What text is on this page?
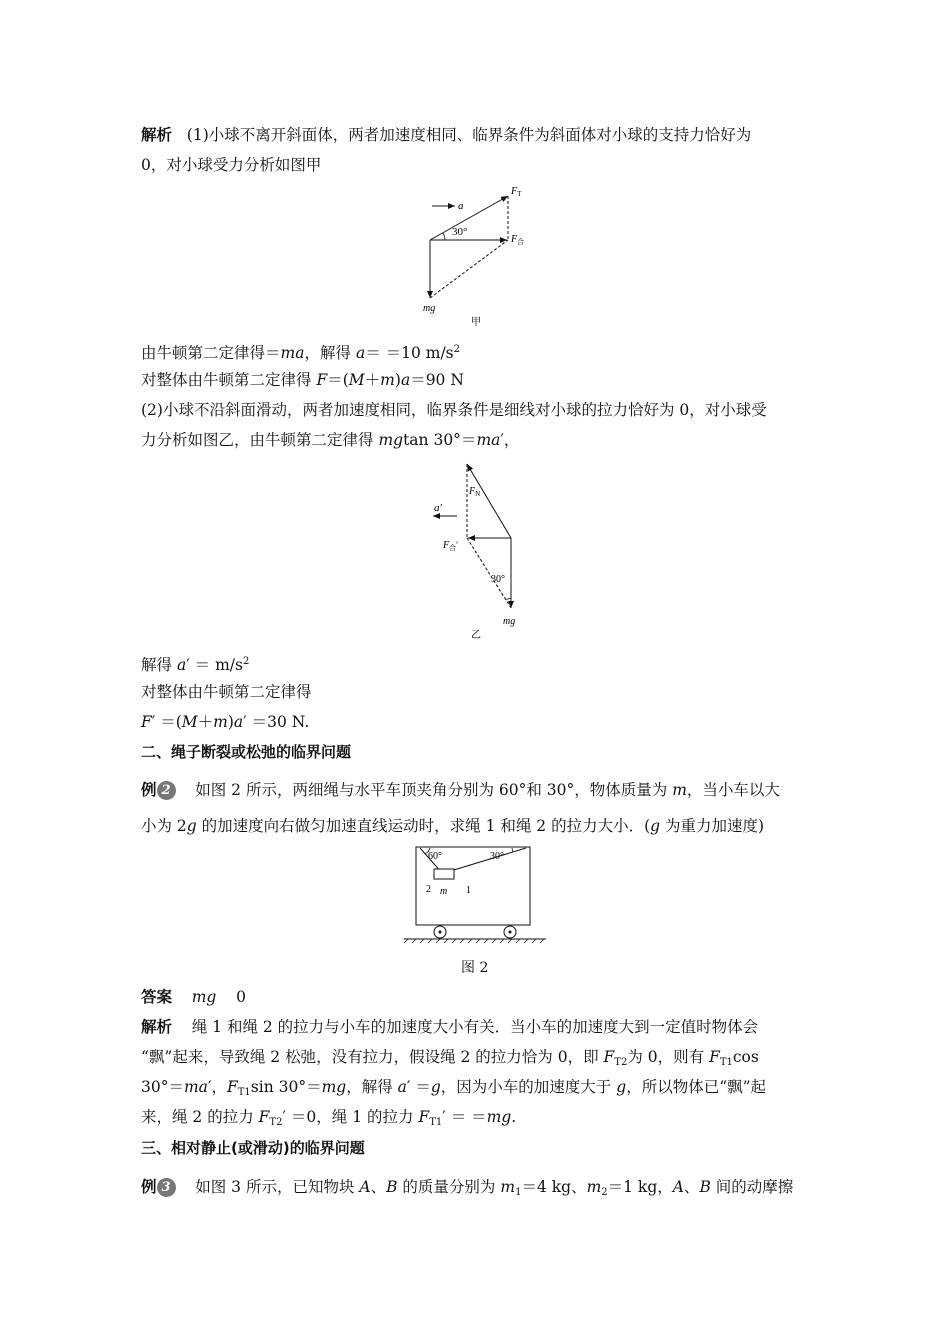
解析 (1)小球不离开斜面体，两者加速度相同、临界条件为斜面体对小球的支持力恰好为
0，对小球受力分析如图甲
a
30°
$F_T$
$F_合$
mg
甲
由牛顿第二定律得＝ma，解得 a＝ ＝10 $m/s^2$
对整体由牛顿第二定律得 F＝(M＋m)a＝90 N
(2)小球不沿斜面滑动，两者加速度相同，临界条件是细线对小球的拉力恰好为 0，对小球受
力分析如图乙，由牛顿第二定律得 mgtan 30°＝ma′，
a′
$F_N$
$F_合'$
30°
mg
乙
解得 $a' = m/s^2$
对整体由牛顿第二定律得
F′ ＝(M＋m)a′ ＝30 N.
二、绳子断裂或松弛的临界问题
例 2 如图 2 所示，两细绳与水平车顶夹角分别为 60°和 30°，物体质量为 m，当小车以大
小为 2g 的加速度向右做匀加速直线运动时，求绳 1 和绳 2 的拉力大小．(g 为重力加速度)
60°	30°
2	1
m
图 2
答案 mg 0
解析 绳 1 和绳 2 的拉力与小车的加速度大小有关．当小车的加速度大到一定值时物体会
“飘”起来，导致绳 2 松弛，没有拉力，假设绳 2 的拉力恰为 0，即 $F_{T2}$为 0，则有 $F_{T1}\cos$
30°＝ma′，$F_{T1}\sin$ 30°＝mg，解得 a′ ＝g，因为小车的加速度大于 g，所以物体已“飘”起
来，绳 2 的拉力 $F_{T2}' =0$，绳 1 的拉力 $F_{T1}' = =mg$.
三、相对静止(或滑动)的临界问题
例 3 如图 3 所示，已知物块 A、B 的质量分别为 $m_1=4$ kg、$m_2=1$ kg，A、B 间的动摩擦
